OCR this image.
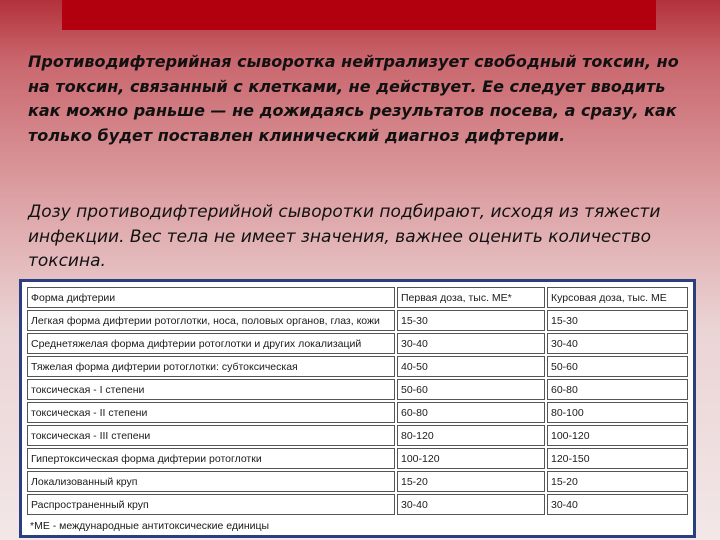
Противодифтерийная сыворотка нейтрализует свободный токсин, но на токсин, связанный с клетками, не действует. Ее следует вводить как можно раньше — не дожидаясь результатов посева, а сразу, как только будет поставлен клинический диагноз дифтерии.

Дозу противодифтерийной сыворотки подбирают, исходя из тяжести инфекции. Вес тела не имеет значения, важнее оценить количество токсина.

Форма дифтерии	Первая доза, тыс. МЕ*	Курсовая доза, тыс. МЕ
Легкая форма дифтерии ротоглотки, носа, половых органов, глаз, кожи	15-30	15-30
Среднетяжелая форма дифтерии ротоглотки и других локализаций	30-40	30-40
Тяжелая форма дифтерии ротоглотки: субтоксическая	40-50	50-60
токсическая - I степени	50-60	60-80
токсическая - II степени	60-80	80-100
токсическая - III степени	80-120	100-120
Гипертоксическая форма дифтерии ротоглотки	100-120	120-150
Локализованный круп	15-20	15-20
Распространенный круп	30-40	30-40
*МЕ - международные антитоксические единицы		
